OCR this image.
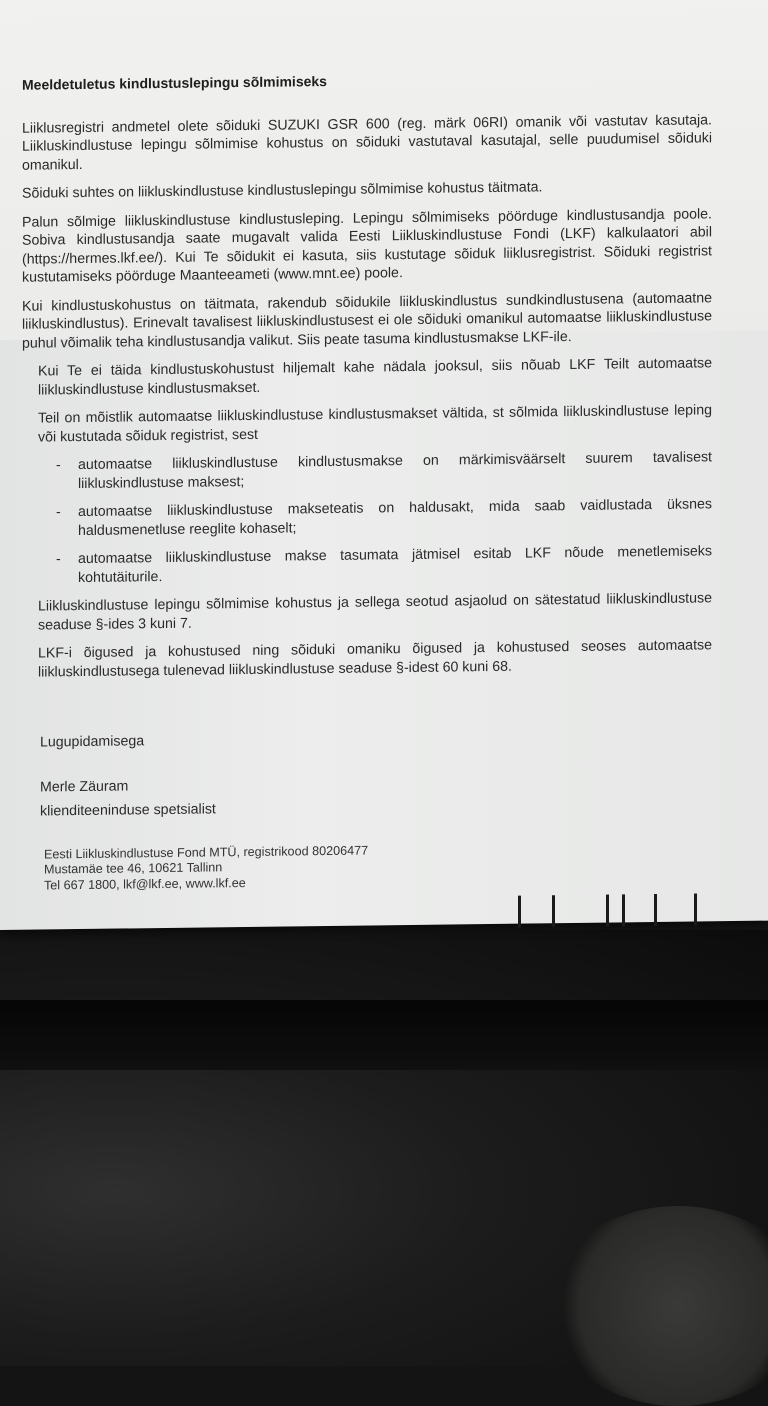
Meeldetuletus kindlustuslepingu sõlmimiseks

Liiklusregistri andmetel olete sõiduki SUZUKI GSR 600 (reg. märk 06RI) omanik või vastutav kasutaja. Liikluskindlustuse lepingu sõlmimise kohustus on sõiduki vastutaval kasutajal, selle puudumisel sõiduki omanikul.

Sõiduki suhtes on liikluskindlustuse kindlustuslepingu sõlmimise kohustus täitmata.

Palun sõlmige liikluskindlustuse kindlustusleping. Lepingu sõlmimiseks pöörduge kindlustusandja poole. Sobiva kindlustusandja saate mugavalt valida Eesti Liikluskindlustuse Fondi (LKF) kalkulaatori abil (https://hermes.lkf.ee/). Kui Te sõidukit ei kasuta, siis kustutage sõiduk liiklusregistrist. Sõiduki registrist kustutamiseks pöörduge Maanteeameti (www.mnt.ee) poole.

Kui kindlustuskohustus on täitmata, rakendub sõidukile liikluskindlustus sundkindlustusena (automaatne liikluskindlustus). Erinevalt tavalisest liikluskindlustusest ei ole sõiduki omanikul automaatse liikluskindlustuse puhul võimalik teha kindlustusandja valikut. Siis peate tasuma kindlustusmakse LKF-ile.

Kui Te ei täida kindlustuskohustust hiljemalt kahe nädala jooksul, siis nõuab LKF Teilt automaatse liikluskindlustuse kindlustusmakset.

Teil on mõistlik automaatse liikluskindlustuse kindlustusmakset vältida, st sõlmida liikluskindlustuse leping või kustutada sõiduk registrist, sest

- automaatse liikluskindlustuse kindlustusmakse on märkimisväärselt suurem tavalisest liikluskindlustuse maksest;

- automaatse liikluskindlustuse makseteatis on haldusakt, mida saab vaidlustada üksnes haldusmenetluse reeglite kohaselt;

- automaatse liikluskindlustuse makse tasumata jätmisel esitab LKF nõude menetlemiseks kohtutäiturile.

Liikluskindlustuse lepingu sõlmimise kohustus ja sellega seotud asjaolud on sätestatud liikluskindlustuse seaduse §-ides 3 kuni 7.

LKF-i õigused ja kohustused ning sõiduki omaniku õigused ja kohustused seoses automaatse liikluskindlustusega tulenevad liikluskindlustuse seaduse §-idest 60 kuni 68.

Lugupidamisega
Merle Zäuram
klienditeeninduse spetsialist
Eesti Liikluskindlustuse Fond MTÜ, registrikood 80206477
Mustamäe tee 46, 10621 Tallinn
Tel 667 1800, lkf@lkf.ee, www.lkf.ee
